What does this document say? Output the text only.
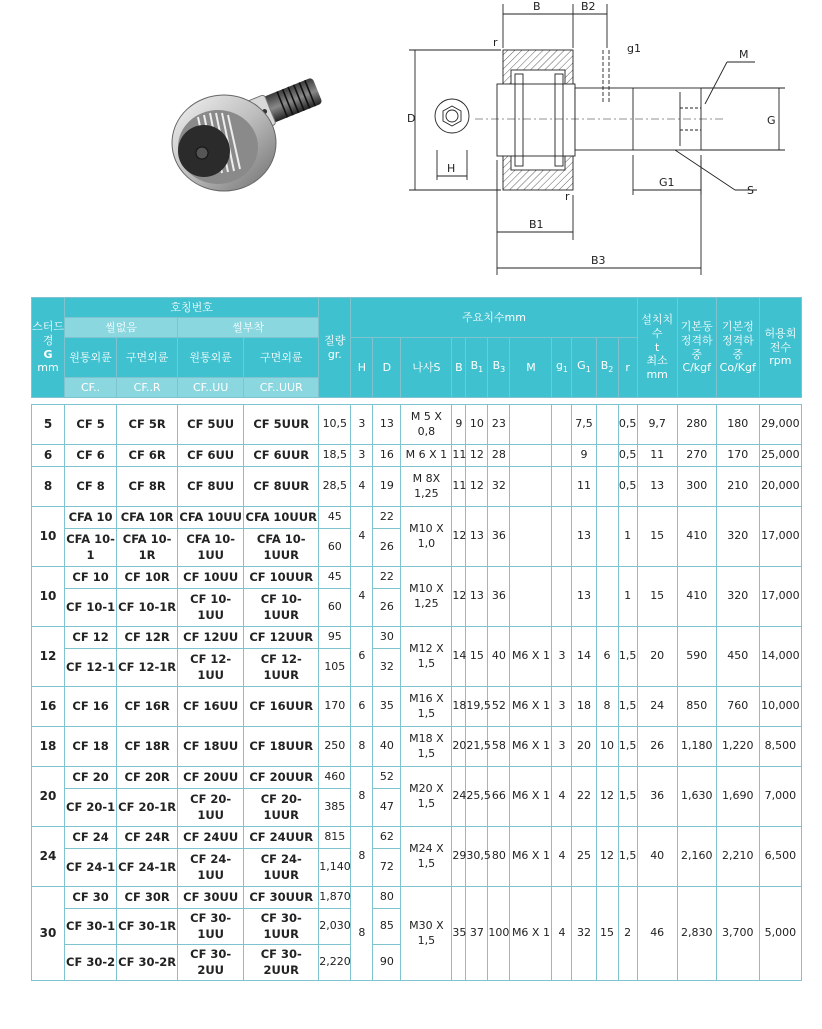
B	B2
g1	M
r
r
D	G
H
G1
S
B1
B3
스터드경
G
mm	호칭번호				질량
gr.	주요치수mm											설치치수
t
최소
mm	기본동정격하중
C/kgf	기본정정격하중
Co/Kgf	허용회전수
rpm
	씰없음		씰부착																	
	원통외륜	구면외륜	원통외륜	구면외륜		H	D	나사S	B	$B_1$	$B_3$	M	$g_1$	$G_1$	$B_2$	r				
	CF..	CF..R	CF..UU	CF..UUR																

5	CF 5	CF 5R	CF 5UU	CF 5UUR	10,5	3	13	M 5 X 0,8	9	10	23			7,5		0,5	9,7	280	180	29,000
6	CF 6	CF 6R	CF 6UU	CF 6UUR	18,5	3	16	M 6 X 1	11	12	28			9		0,5	11	270	170	25,000
8	CF 8	CF 8R	CF 8UU	CF 8UUR	28,5	4	19	M 8X 1,25	11	12	32			11		0,5	13	300	210	20,000
10	CFA 10	CFA 10R	CFA 10UU	CFA 10UUR	45	4	22	M10 X 1,0	12	13	36			13		1	15	410	320	17,000
	CFA 10-1	CFA 10-1R	CFA 10-1UU	CFA 10-1UUR	60		26													
10	CF 10	CF 10R	CF 10UU	CF 10UUR	45	4	22	M10 X 1,25	12	13	36			13		1	15	410	320	17,000
	CF 10-1	CF 10-1R	CF 10-1UU	CF 10-1UUR	60		26													
12	CF 12	CF 12R	CF 12UU	CF 12UUR	95	6	30	M12 X 1,5	14	15	40	M6 X 1	3	14	6	1,5	20	590	450	14,000
	CF 12-1	CF 12-1R	CF 12-1UU	CF 12-1UUR	105		32													
16	CF 16	CF 16R	CF 16UU	CF 16UUR	170	6	35	M16 X 1,5	18	19,5	52	M6 X 1	3	18	8	1,5	24	850	760	10,000
18	CF 18	CF 18R	CF 18UU	CF 18UUR	250	8	40	M18 X 1,5	20	21,5	58	M6 X 1	3	20	10	1,5	26	1,180	1,220	8,500
20	CF 20	CF 20R	CF 20UU	CF 20UUR	460	8	52	M20 X 1,5	24	25,5	66	M6 X 1	4	22	12	1,5	36	1,630	1,690	7,000
	CF 20-1	CF 20-1R	CF 20-1UU	CF 20-1UUR	385		47													
24	CF 24	CF 24R	CF 24UU	CF 24UUR	815	8	62	M24 X 1,5	29	30,5	80	M6 X 1	4	25	12	1,5	40	2,160	2,210	6,500
	CF 24-1	CF 24-1R	CF 24-1UU	CF 24-1UUR	1,140		72													
30	CF 30	CF 30R	CF 30UU	CF 30UUR	1,870	8	80	M30 X 1,5	35	37	100	M6 X 1	4	32	15	2	46	2,830	3,700	5,000
	CF 30-1	CF 30-1R	CF 30-1UU	CF 30-1UUR	2,030		85													
	CF 30-2	CF 30-2R	CF 30-2UU	CF 30-2UUR	2,220		90													
